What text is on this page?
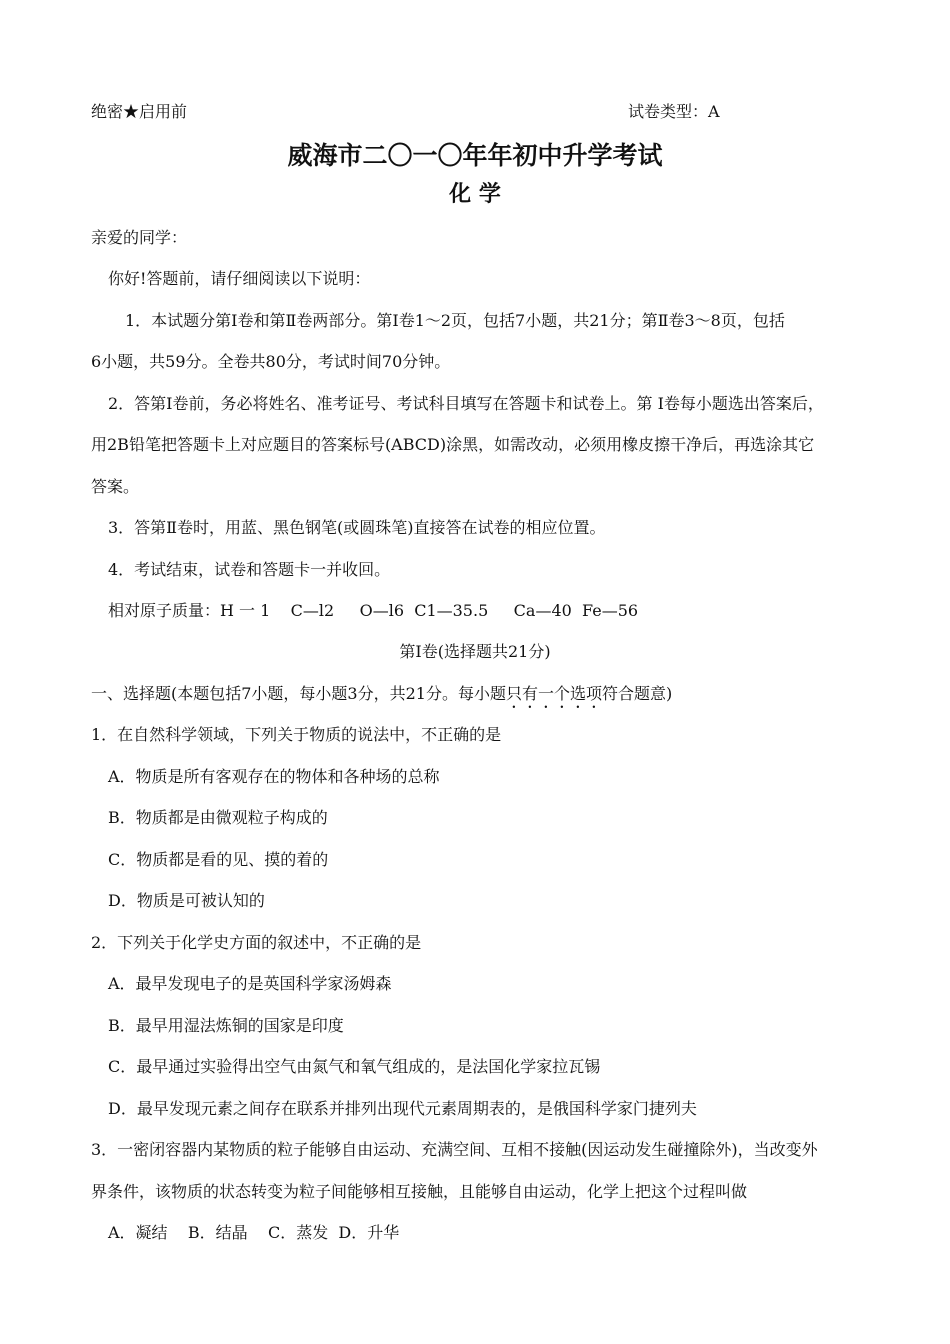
绝密★启用前	试卷类型：A
威海市二〇一〇年年初中升学考试
化 学
亲爱的同学：
你好!答题前，请仔细阅读以下说明：
1．本试题分第Ⅰ卷和第Ⅱ卷两部分。第Ⅰ卷1～2页，包括7小题，共21分；第Ⅱ卷3～8页，包括
6小题，共59分。全卷共80分，考试时间70分钟。
2．答第Ⅰ卷前，务必将姓名、准考证号、考试科目填写在答题卡和试卷上。第 Ⅰ卷每小题选出答案后，
用2B铅笔把答题卡上对应题目的答案标号(ABCD)涂黑，如需改动，必须用橡皮擦干净后，再选涂其它
答案。
3．答第Ⅱ卷时，用蓝、黑色钢笔(或圆珠笔)直接答在试卷的相应位置。
4．考试结束，试卷和答题卡一并收回。
相对原子质量：H 一 1    C—l2     O—l6  C1—35.5     Ca—40  Fe—56
第Ⅰ卷(选择题共21分)
一、选择题(本题包括7小题，每小题3分，共21分。每小题只有一个选项符合题意)
1．在自然科学领域，下列关于物质的说法中，不正确的是
A．物质是所有客观存在的物体和各种场的总称
B．物质都是由微观粒子构成的
C．物质都是看的见、摸的着的
D．物质是可被认知的
2．下列关于化学史方面的叙述中，不正确的是
A．最早发现电子的是英国科学家汤姆森
B．最早用湿法炼铜的国家是印度
C．最早通过实验得出空气由氮气和氧气组成的，是法国化学家拉瓦锡
D．最早发现元素之间存在联系并排列出现代元素周期表的，是俄国科学家门捷列夫
3．一密闭容器内某物质的粒子能够自由运动、充满空间、互相不接触(因运动发生碰撞除外)，当改变外
界条件，该物质的状态转变为粒子间能够相互接触，且能够自由运动，化学上把这个过程叫做
A．凝结    B．结晶    C．蒸发  D．升华
